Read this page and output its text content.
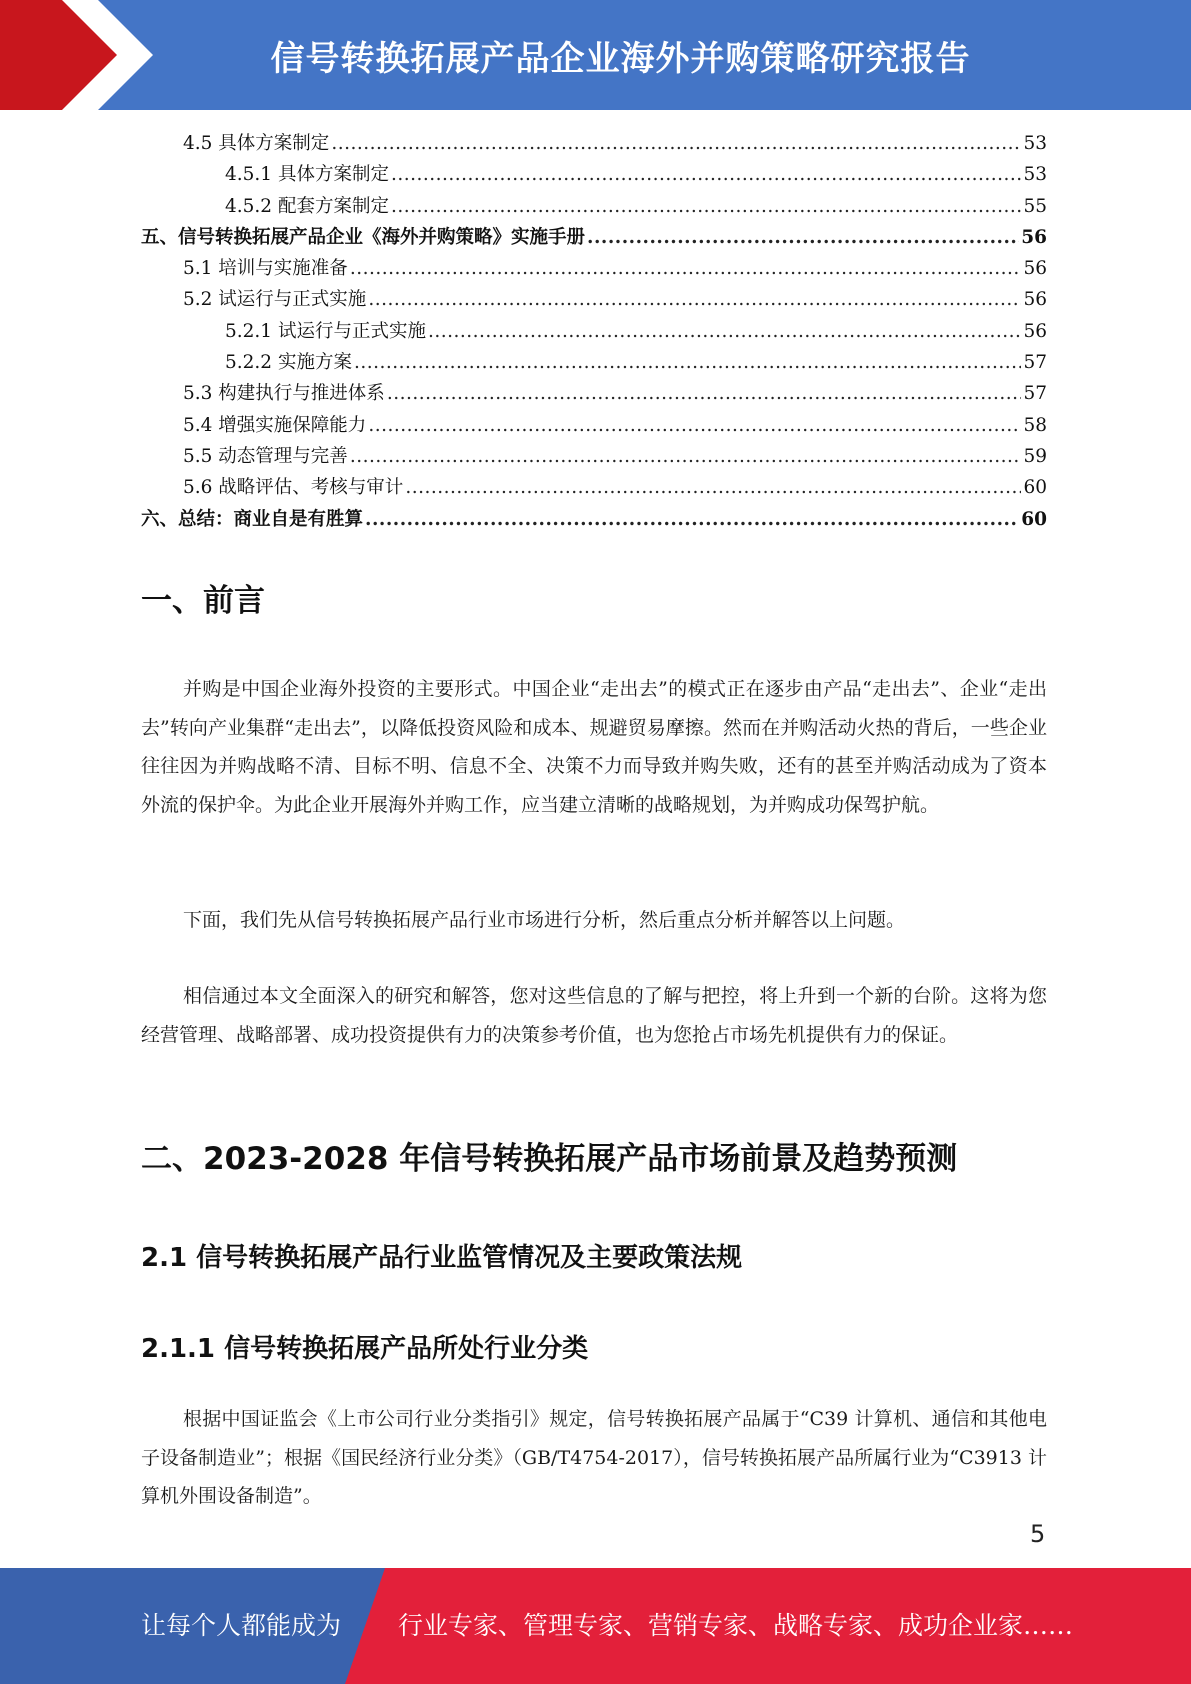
信号转换拓展产品企业海外并购策略研究报告
4.5 具体方案制定 .....	53
4.5.1 具体方案制定 .....	53
4.5.2 配套方案制定 .....	55
五、信号转换拓展产品企业《海外并购策略》实施手册 .....	56
5.1 培训与实施准备 .....	56
5.2 试运行与正式实施 .....	56
5.2.1 试运行与正式实施 .....	56
5.2.2 实施方案 .....	57
5.3 构建执行与推进体系 .....	57
5.4 增强实施保障能力 .....	58
5.5 动态管理与完善 .....	59
5.6 战略评估、考核与审计 .....	60
六、总结：商业自是有胜算 .....	60
一、前言

并购是中国企业海外投资的主要形式。中国企业“走出去”的模式正在逐步由产品“走出去”、企业“走出去”转向产业集群“走出去”，以降低投资风险和成本、规避贸易摩擦。然而在并购活动火热的背后，一些企业往往因为并购战略不清、目标不明、信息不全、决策不力而导致并购失败，还有的甚至并购活动成为了资本外流的保护伞。为此企业开展海外并购工作，应当建立清晰的战略规划，为并购成功保驾护航。

下面，我们先从信号转换拓展产品行业市场进行分析，然后重点分析并解答以上问题。

相信通过本文全面深入的研究和解答，您对这些信息的了解与把控，将上升到一个新的台阶。这将为您经营管理、战略部署、成功投资提供有力的决策参考价值，也为您抢占市场先机提供有力的保证。

二、2023-2028 年信号转换拓展产品市场前景及趋势预测
2.1 信号转换拓展产品行业监管情况及主要政策法规
2.1.1 信号转换拓展产品所处行业分类

根据中国证监会《上市公司行业分类指引》规定，信号转换拓展产品属于“C39 计算机、通信和其他电子设备制造业”；根据《国民经济行业分类》（GB/T4754-2017），信号转换拓展产品所属行业为“C3913 计算机外围设备制造”。

5
让每个人都能成为 行业专家、管理专家、营销专家、战略专家、成功企业家……
